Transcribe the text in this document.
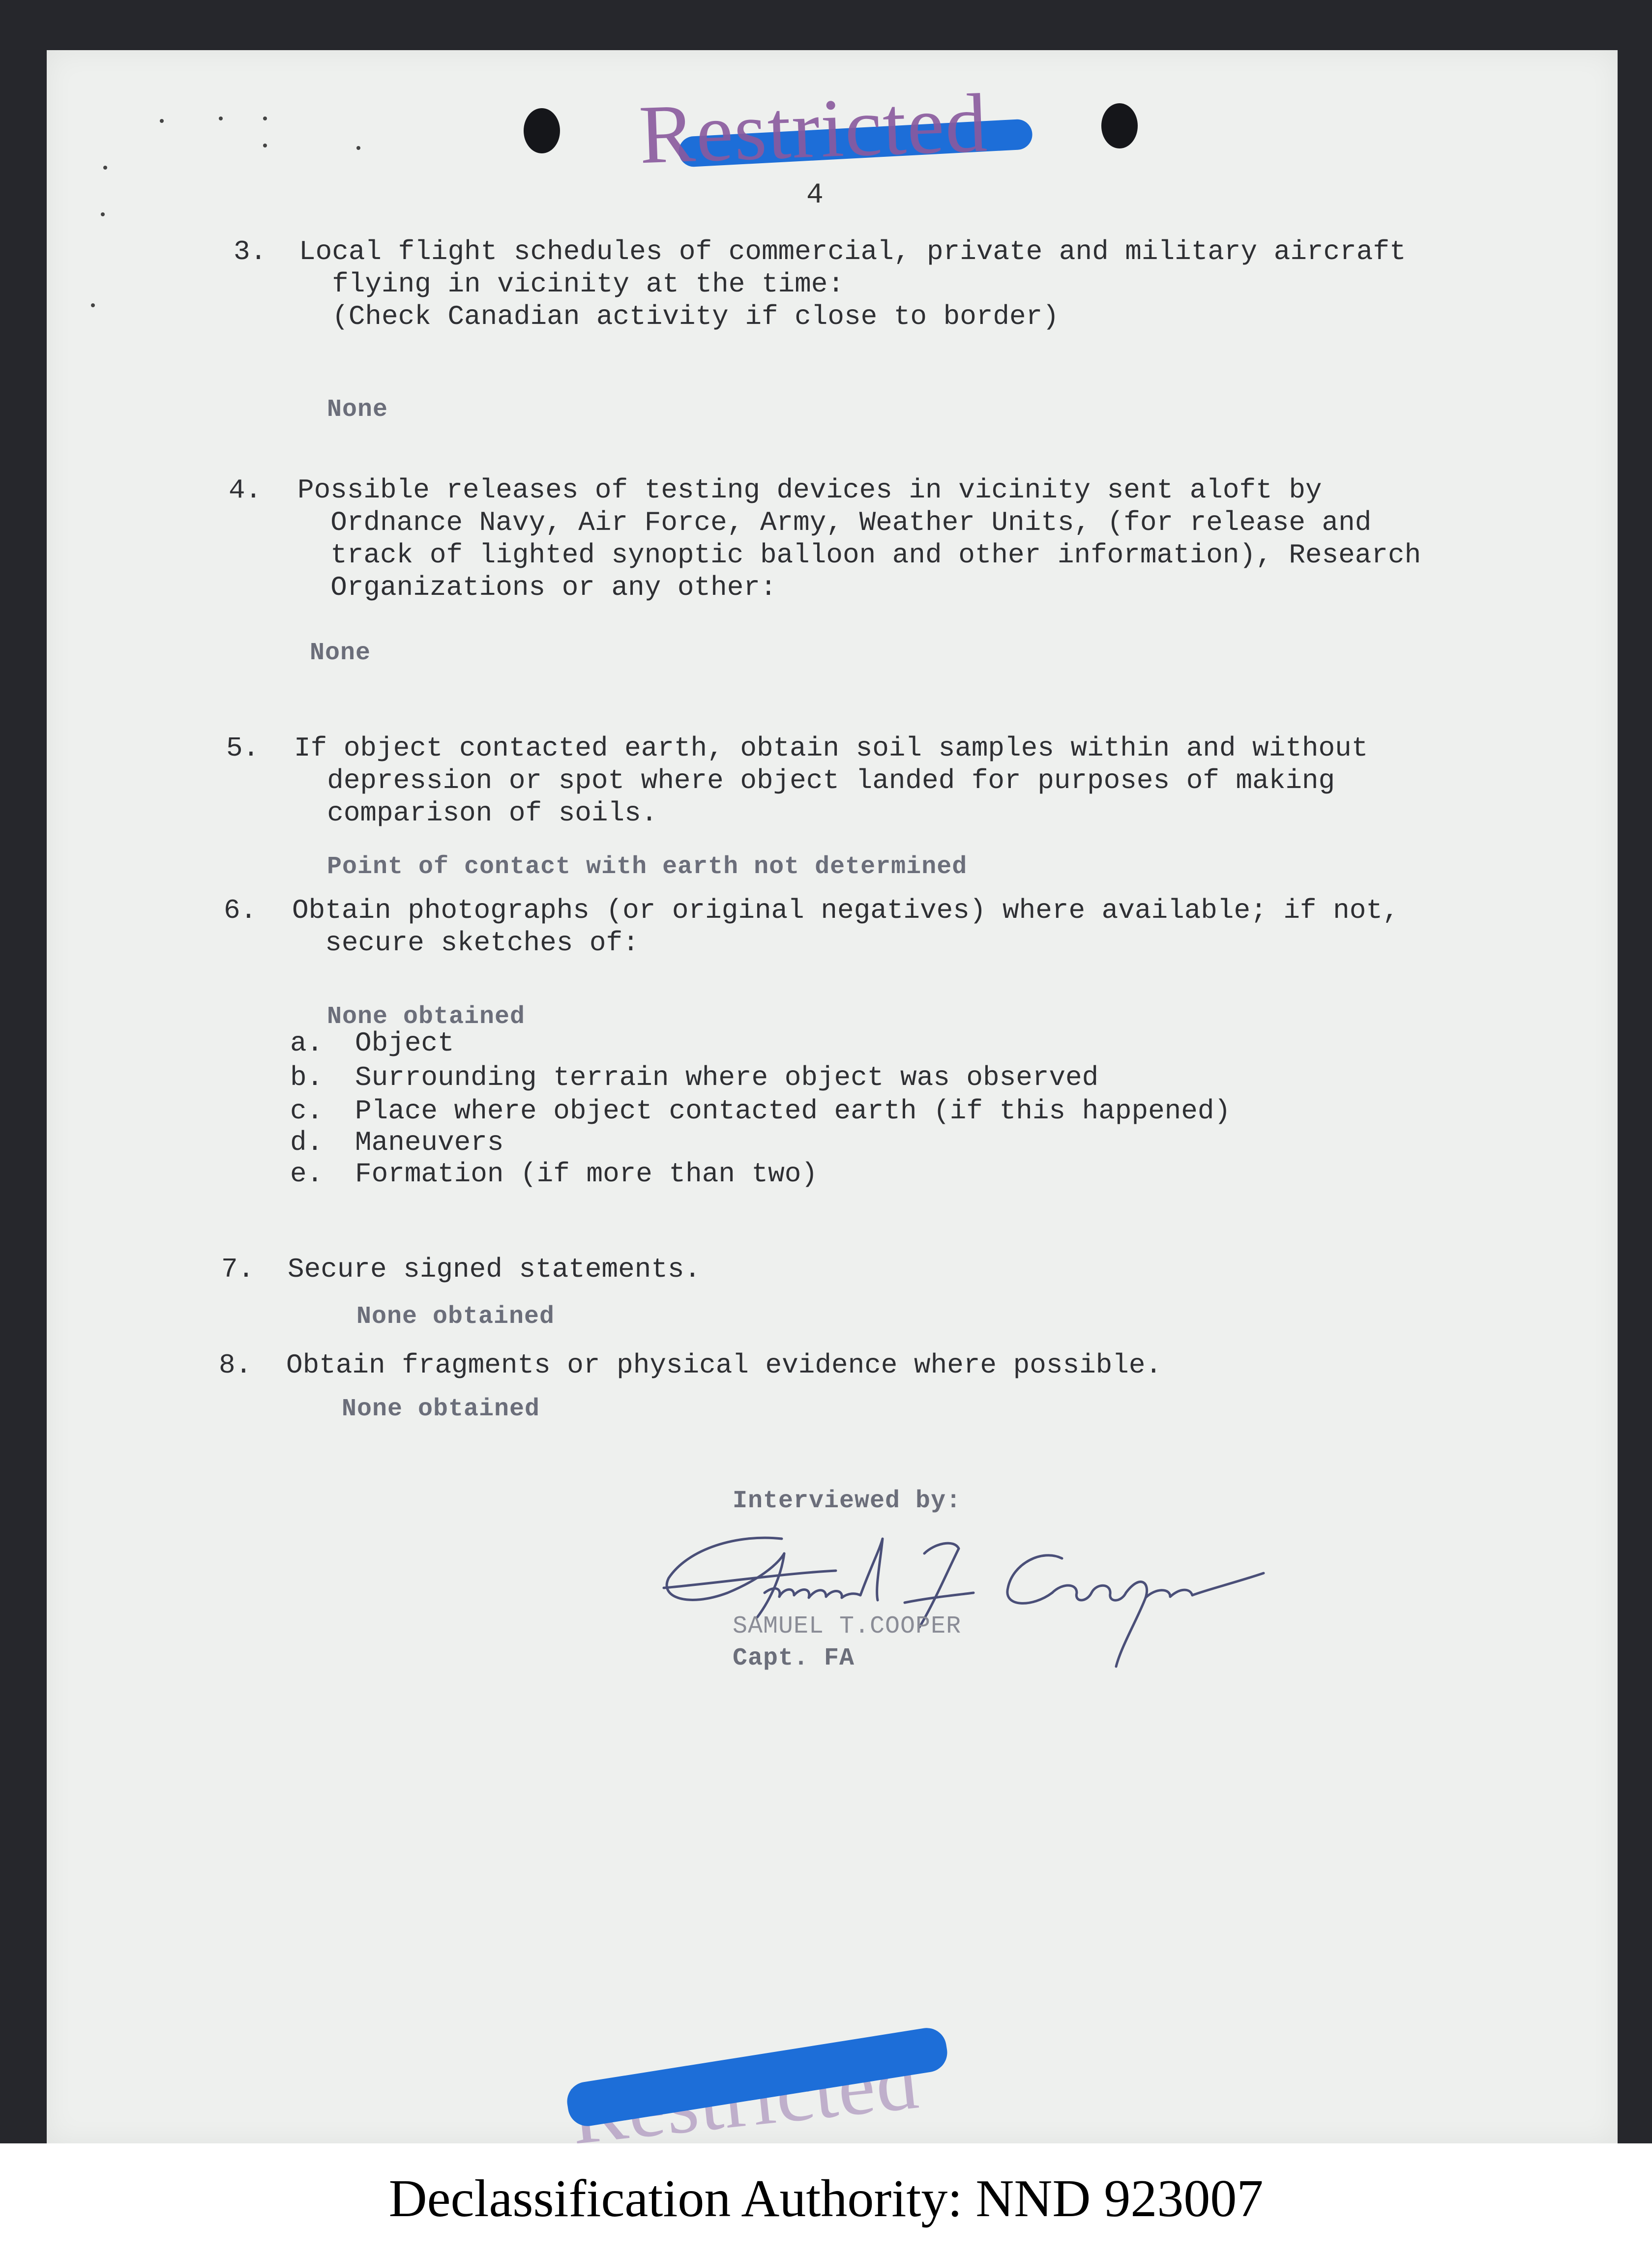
Restricted
4
3. Local flight schedules of commercial, private and military aircraft
flying in vicinity at the time:
(Check Canadian activity if close to border)
None
4. Possible releases of testing devices in vicinity sent aloft by
Ordnance Navy, Air Force, Army, Weather Units, (for release and
track of lighted synoptic balloon and other information), Research
Organizations or any other:
None
5. If object contacted earth, obtain soil samples within and without
depression or spot where object landed for purposes of making
comparison of soils.
Point of contact with earth not determined
6. Obtain photographs (or original negatives) where available; if not,
secure sketches of:
None obtained
a. Object
b. Surrounding terrain where object was observed
c. Place where object contacted earth (if this happened)
d. Maneuvers
e. Formation (if more than two)
7. Secure signed statements.
None obtained
8. Obtain fragments or physical evidence where possible.
None obtained
Interviewed by:
SAMUEL T.COOPER
Capt. FA
Declassification Authority: NND 923007
